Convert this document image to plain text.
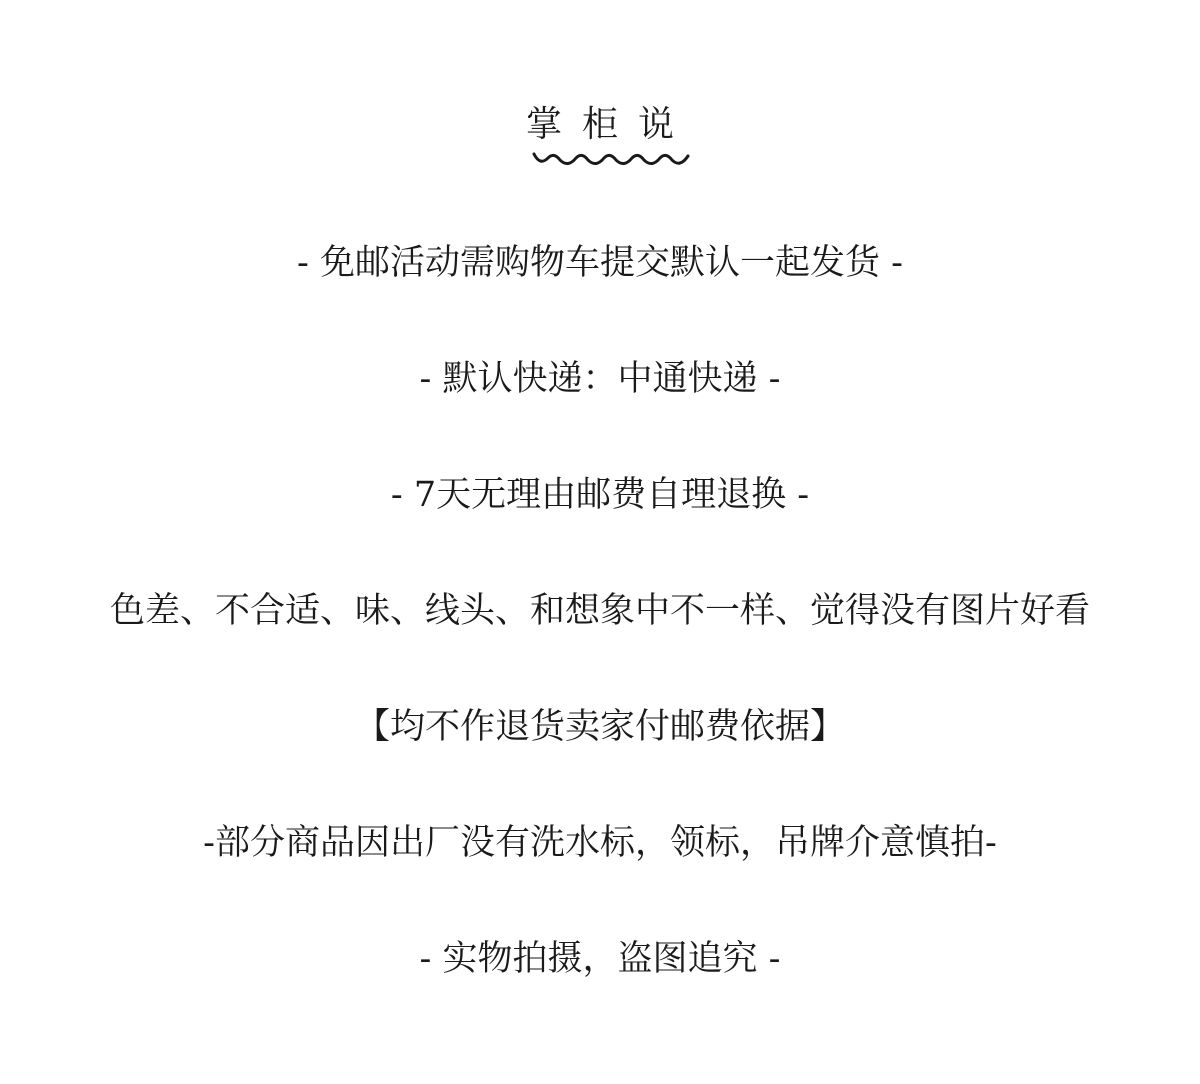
掌柜说
- 免邮活动需购物车提交默认一起发货 -
- 默认快递：中通快递 -
- 7天无理由邮费自理退换 -
色差、不合适、味、线头、和想象中不一样、觉得没有图片好看
【均不作退货卖家付邮费依据】
-部分商品因出厂没有洗水标，领标，吊牌介意慎拍-
- 实物拍摄，盗图追究 -
